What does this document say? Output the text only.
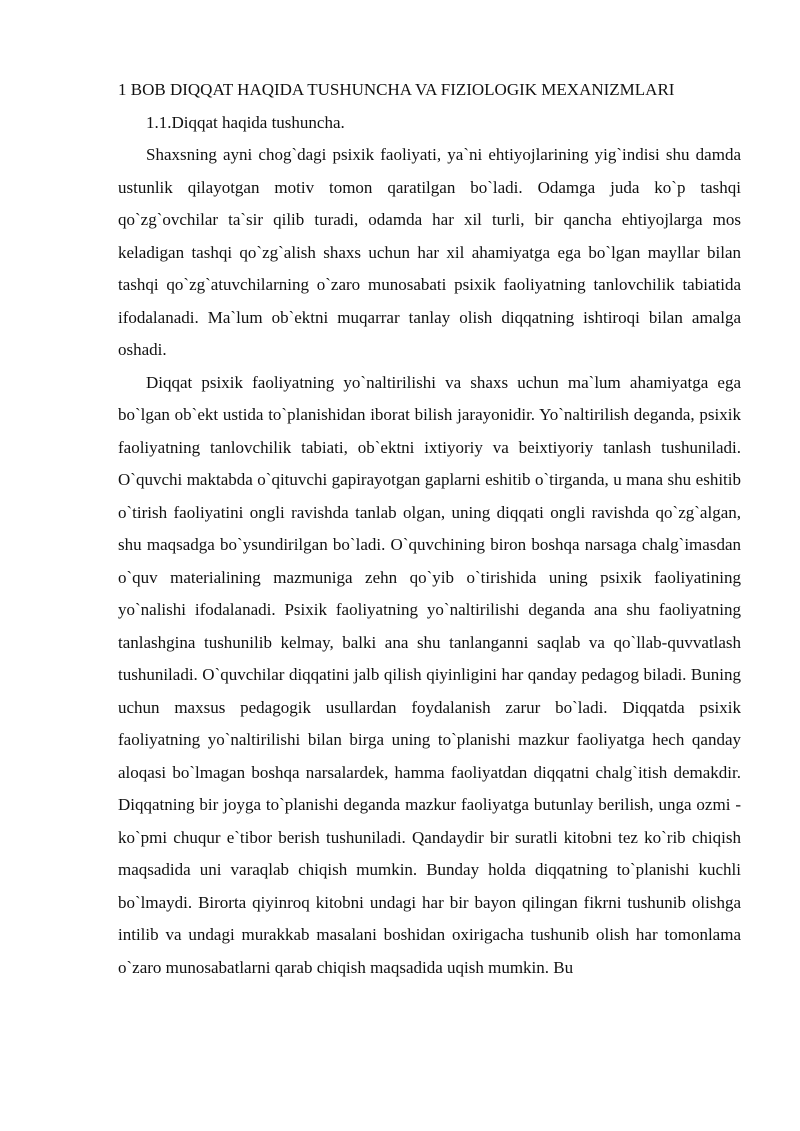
1 BOB DIQQAT HAQIDA TUSHUNCHA VA FIZIOLOGIK MEXANIZMLARI

1.1.Diqqat haqida tushuncha.

Shaxsning ayni chog`dagi psixik faoliyati, ya`ni ehtiyojlarining yig`indisi shu damda ustunlik qilayotgan motiv tomon qaratilgan bo`ladi. Odamga juda ko`p tashqi qo`zg`ovchilar ta`sir qilib turadi, odamda har xil turli, bir qancha ehtiyojlarga mos keladigan tashqi qo`zg`alish shaxs uchun har xil ahamiyatga ega bo`lgan mayllar bilan tashqi qo`zg`atuvchilarning o`zaro munosabati psixik faoliyatning tanlovchilik tabiatida ifodalanadi. Ma`lum ob`ektni muqarrar tanlay olish diqqatning ishtiroqi bilan amalga oshadi.

Diqqat psixik faoliyatning yo`naltirilishi va shaxs uchun ma`lum ahamiyatga ega bo`lgan ob`ekt ustida to`planishidan iborat bilish jarayonidir. Yo`naltirilish deganda, psixik faoliyatning tanlovchilik tabiati, ob`ektni ixtiyoriy va beixtiyoriy tanlash tushuniladi. O`quvchi maktabda o`qituvchi gapirayotgan gaplarni eshitib o`tirganda, u mana shu eshitib o`tirish faoliyatini ongli ravishda tanlab olgan, uning diqqati ongli ravishda qo`zg`algan, shu maqsadga bo`ysundirilgan bo`ladi. O`quvchining biron boshqa narsaga chalg`imasdan o`quv materialining mazmuniga zehn qo`yib o`tirishida uning psixik faoliyatining yo`nalishi ifodalanadi. Psixik faoliyatning yo`naltirilishi deganda ana shu faoliyatning tanlashgina tushunilib kelmay, balki ana shu tanlanganni saqlab va qo`llab-quvvatlash tushuniladi. O`quvchilar diqqatini jalb qilish qiyinligini har qanday pedagog biladi. Buning uchun maxsus pedagogik usullardan foydalanish zarur bo`ladi. Diqqatda psixik faoliyatning yo`naltirilishi bilan birga uning to`planishi mazkur faoliyatga hech qanday aloqasi bo`lmagan boshqa narsalardek, hamma faoliyatdan diqqatni chalg`itish demakdir. Diqqatning bir joyga to`planishi deganda mazkur faoliyatga butunlay berilish, unga ozmi - ko`pmi chuqur e`tibor berish tushuniladi. Qandaydir bir suratli kitobni tez ko`rib chiqish maqsadida uni varaqlab chiqish mumkin. Bunday holda diqqatning to`planishi kuchli bo`lmaydi. Birorta qiyinroq kitobni undagi har bir bayon qilingan fikrni tushunib olishga intilib va undagi murakkab masalani boshidan oxirigacha tushunib olish har tomonlama o`zaro munosabatlarni qarab chiqish maqsadida uqish mumkin. Bu
